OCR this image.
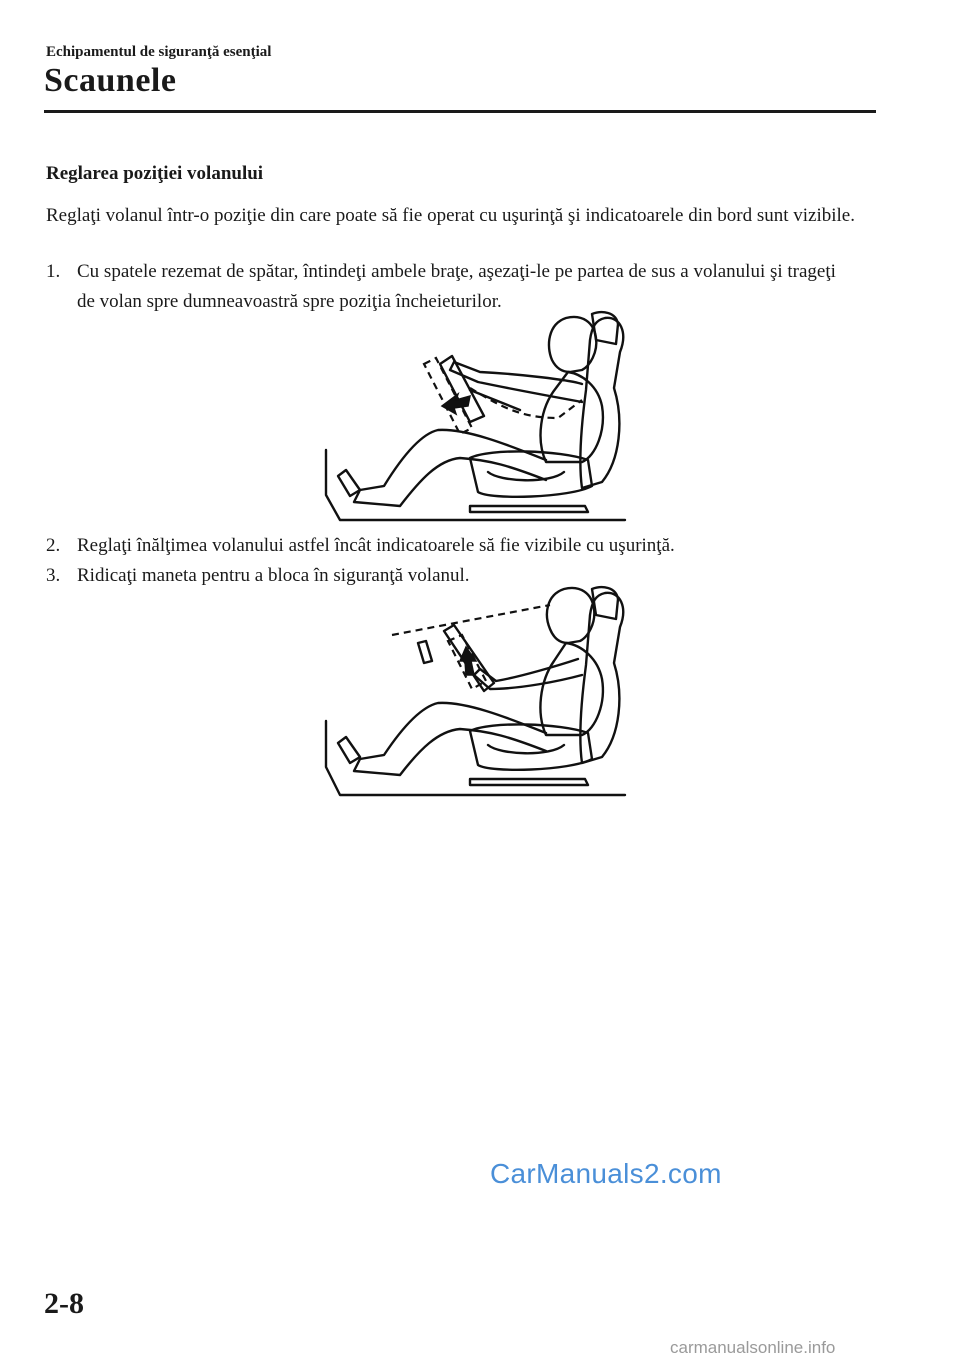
Echipamentul de siguranţă esenţial
Scaunele
Reglarea poziţiei volanului
Reglaţi volanul într-o poziţie din care poate să fie operat cu uşurinţă şi indicatoarele din bord sunt vizibile.
1. Cu spatele rezemat de spătar, întindeţi ambele braţe, aşezaţi-le pe partea de sus a volanului şi trageţi de volan spre dumneavoastră spre poziţia încheieturilor.
2. Reglaţi înălţimea volanului astfel încât indicatoarele să fie vizibile cu uşurinţă.
3. Ridicaţi maneta pentru a bloca în siguranţă volanul.
CarManuals2.com
2-8
carmanualsonline.info
